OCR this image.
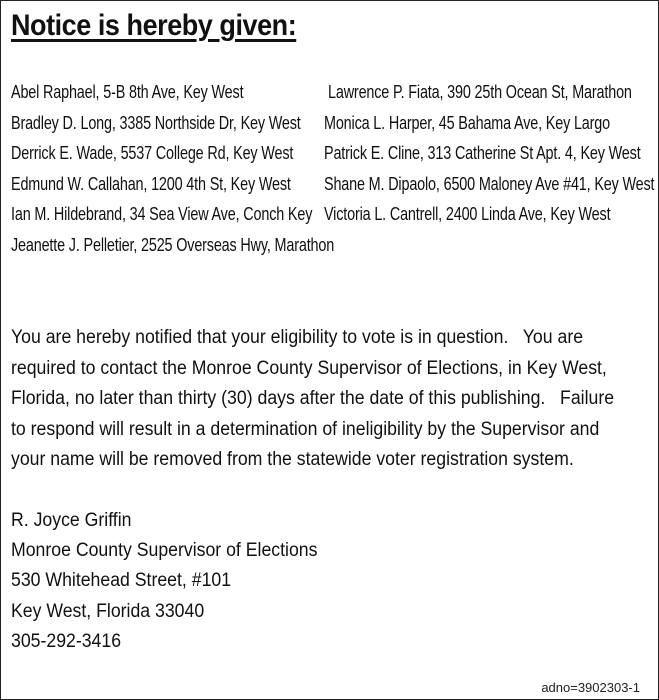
Notice is hereby given:
Abel Raphael, 5-B 8th Ave, Key West	Lawrence P. Fiata, 390 25th Ocean St, Marathon
Bradley D. Long, 3385 Northside Dr, Key West Monica L. Harper, 45 Bahama Ave, Key Largo
Derrick E. Wade, 5537 College Rd, Key West Patrick E. Cline, 313 Catherine St Apt. 4, Key West
Edmund W. Callahan, 1200 4th St, Key West Shane M. Dipaolo, 6500 Maloney Ave #41, Key West
Ian M. Hildebrand, 34 Sea View Ave, Conch Key Victoria L. Cantrell, 2400 Linda Ave, Key West
Jeanette J. Pelletier, 2525 Overseas Hwy, Marathon

You are hereby notified that your eligibility to vote is in question.   You are
required to contact the Monroe County Supervisor of Elections, in Key West,
Florida, no later than thirty (30) days after the date of this publishing.   Failure
to respond will result in a determination of ineligibility by the Supervisor and
your name will be removed from the statewide voter registration system.

R. Joyce Griffin
Monroe County Supervisor of Elections
530 Whitehead Street, #101
Key West, Florida 33040
305-292-3416
adno=3902303-1
